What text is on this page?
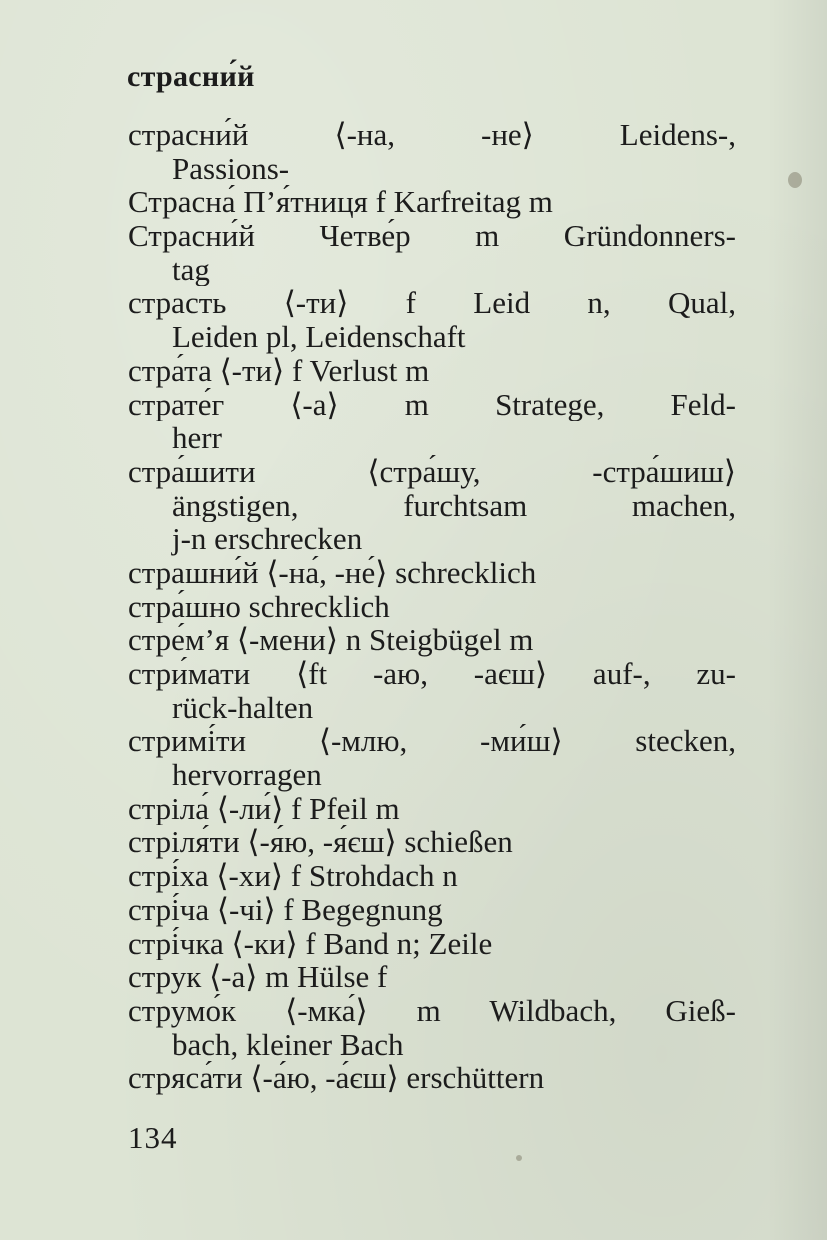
страсни́й
страсни́й ⟨-на, -не⟩ Leidens-,
Passions-
Страсна́ П’я́тниця f Karfreitag m
Страсни́й Четве́р m Gründonners-
tag
страсть ⟨-ти⟩ f Leid n, Qual,
Leiden pl, Leidenschaft
стра́та ⟨-ти⟩ f Verlust m
страте́г ⟨-а⟩ m Stratege, Feld-
herr
стра́шити ⟨стра́шу, -стра́шиш⟩
ängstigen, furchtsam machen,
j-n erschrecken
страшни́й ⟨-на́, -не́⟩ schrecklich
стра́шно schrecklich
стре́м’я ⟨-мени⟩ n Steigbügel m
стри́мати ⟨ft -аю, -аєш⟩ auf-, zu-
rück-halten
стримі́ти ⟨-млю, -ми́ш⟩ stecken,
hervorragen
стріла́ ⟨-ли́⟩ f Pfeil m
стріля́ти ⟨-я́ю, -я́єш⟩ schießen
стрі́ха ⟨-хи⟩ f Strohdach n
стрі́ча ⟨-чі⟩ f Begegnung
стрі́чка ⟨-ки⟩ f Band n; Zeile
струк ⟨-а⟩ m Hülse f
струмо́к ⟨-мка́⟩ m Wildbach, Gieß-
bach, kleiner Bach
стряса́ти ⟨-а́ю, -а́єш⟩ erschüttern
134
